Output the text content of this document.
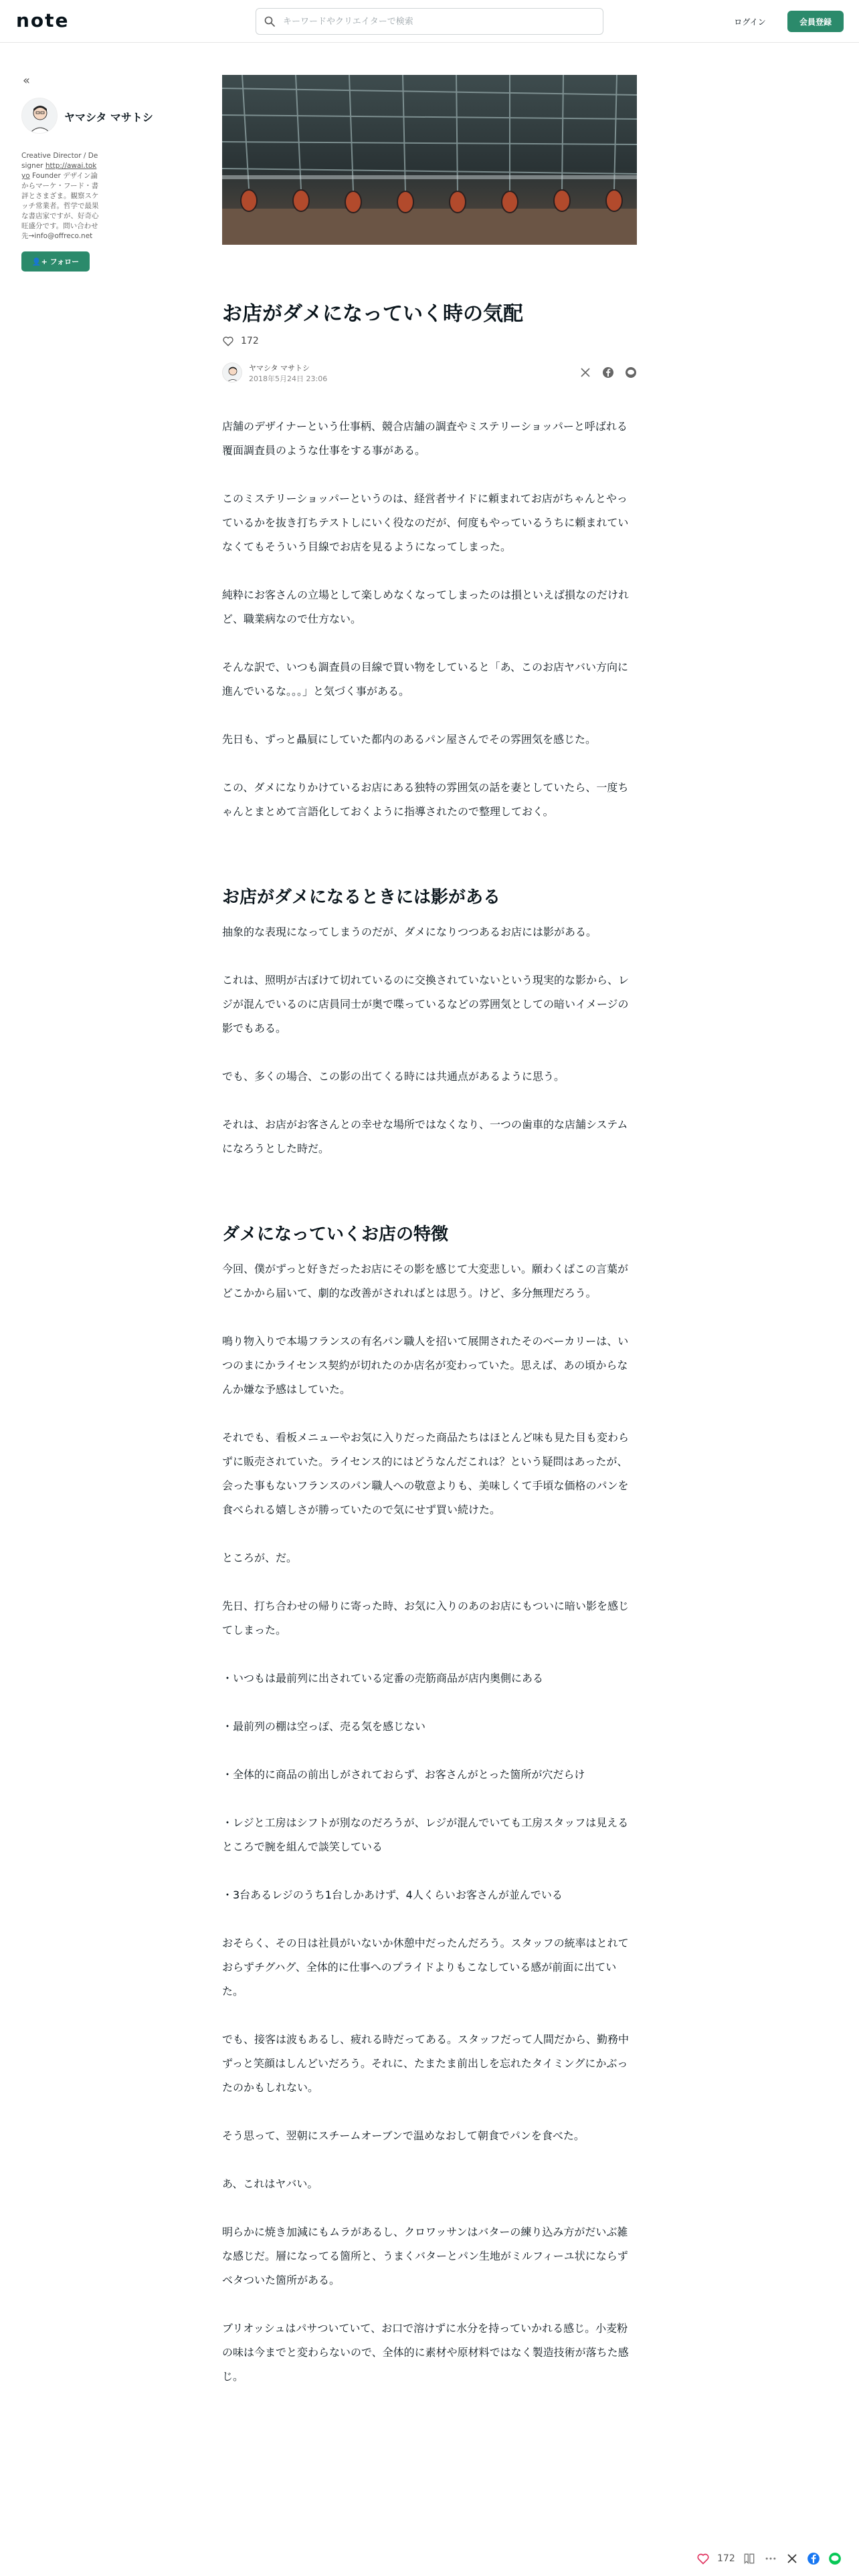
note
キーワードやクリエイターで検索	ログイン	会員登録
«
ヤマシタ マサトシ
Creative Director / Designer http://awai.tokyo Founder デザイン論からマーケ・フード・書評とさまざま。観察スケッチ常業者。哲学で最果な書店家ですが、好奇心旺盛分です。問い合わせ先→info@offreco.net
👤+ フォロー
お店がダメになっていく時の気配
172
ヤマシタ マサトシ
2018年5月24日 23:06

店舗のデザイナーという仕事柄、競合店舗の調査やミステリーショッパーと呼ばれる覆面調査員のような仕事をする事がある。

このミステリーショッパーというのは、経営者サイドに頼まれてお店がちゃんとやっているかを抜き打ちテストしにいく役なのだが、何度もやっているうちに頼まれていなくてもそういう目線でお店を見るようになってしまった。

純粋にお客さんの立場として楽しめなくなってしまったのは損といえば損なのだけれど、職業病なので仕方ない。

そんな訳で、いつも調査員の目線で買い物をしていると「あ、このお店ヤバい方向に進んでいるな。。。」と気づく事がある。

先日も、ずっと贔屓にしていた都内のあるパン屋さんでその雰囲気を感じた。

この、ダメになりかけているお店にある独特の雰囲気の話を妻としていたら、一度ちゃんとまとめて言語化しておくように指導されたので整理しておく。

お店がダメになるときには影がある

抽象的な表現になってしまうのだが、ダメになりつつあるお店には影がある。

これは、照明が古ぼけて切れているのに交換されていないという現実的な影から、レジが混んでいるのに店員同士が奥で喋っているなどの雰囲気としての暗いイメージの影でもある。

でも、多くの場合、この影の出てくる時には共通点があるように思う。

それは、お店がお客さんとの幸せな場所ではなくなり、一つの歯車的な店舗システムになろうとした時だ。

ダメになっていくお店の特徴

今回、僕がずっと好きだったお店にその影を感じて大変悲しい。願わくばこの言葉がどこかから届いて、劇的な改善がされればとは思う。けど、多分無理だろう。

鳴り物入りで本場フランスの有名パン職人を招いて展開されたそのベーカリーは、いつのまにかライセンス契約が切れたのか店名が変わっていた。思えば、あの頃からなんか嫌な予感はしていた。

それでも、看板メニューやお気に入りだった商品たちはほとんど味も見た目も変わらずに販売されていた。ライセンス的にはどうなんだこれは？という疑問はあったが、会った事もないフランスのパン職人への敬意よりも、美味しくて手頃な価格のパンを食べられる嬉しさが勝っていたので気にせず買い続けた。

ところが、だ。

先日、打ち合わせの帰りに寄った時、お気に入りのあのお店にもついに暗い影を感じてしまった。

・いつもは最前列に出されている定番の売筋商品が店内奥側にある

・最前列の棚は空っぽ、売る気を感じない

・全体的に商品の前出しがされておらず、お客さんがとった箇所が穴だらけ

・レジと工房はシフトが別なのだろうが、レジが混んでいても工房スタッフは見えるところで腕を組んで談笑している

・3台あるレジのうち1台しかあけず、4人くらいお客さんが並んでいる

おそらく、その日は社員がいないか休憩中だったんだろう。スタッフの統率はとれておらずチグハグ、全体的に仕事へのプライドよりもこなしている感が前面に出ていた。

でも、接客は波もあるし、疲れる時だってある。スタッフだって人間だから、勤務中ずっと笑顔はしんどいだろう。それに、たまたま前出しを忘れたタイミングにかぶったのかもしれない。

そう思って、翌朝にスチームオーブンで温めなおして朝食でパンを食べた。

あ、これはヤバい。

明らかに焼き加減にもムラがあるし、クロワッサンはバターの練り込み方がだいぶ雑な感じだ。層になってる箇所と、うまくバターとパン生地がミルフィーユ状にならずベタついた箇所がある。

ブリオッシュはパサついていて、お口で溶けずに水分を持っていかれる感じ。小麦粉の味は今までと変わらないので、全体的に素材や原材料ではなく製造技術が落ちた感じ。

172
